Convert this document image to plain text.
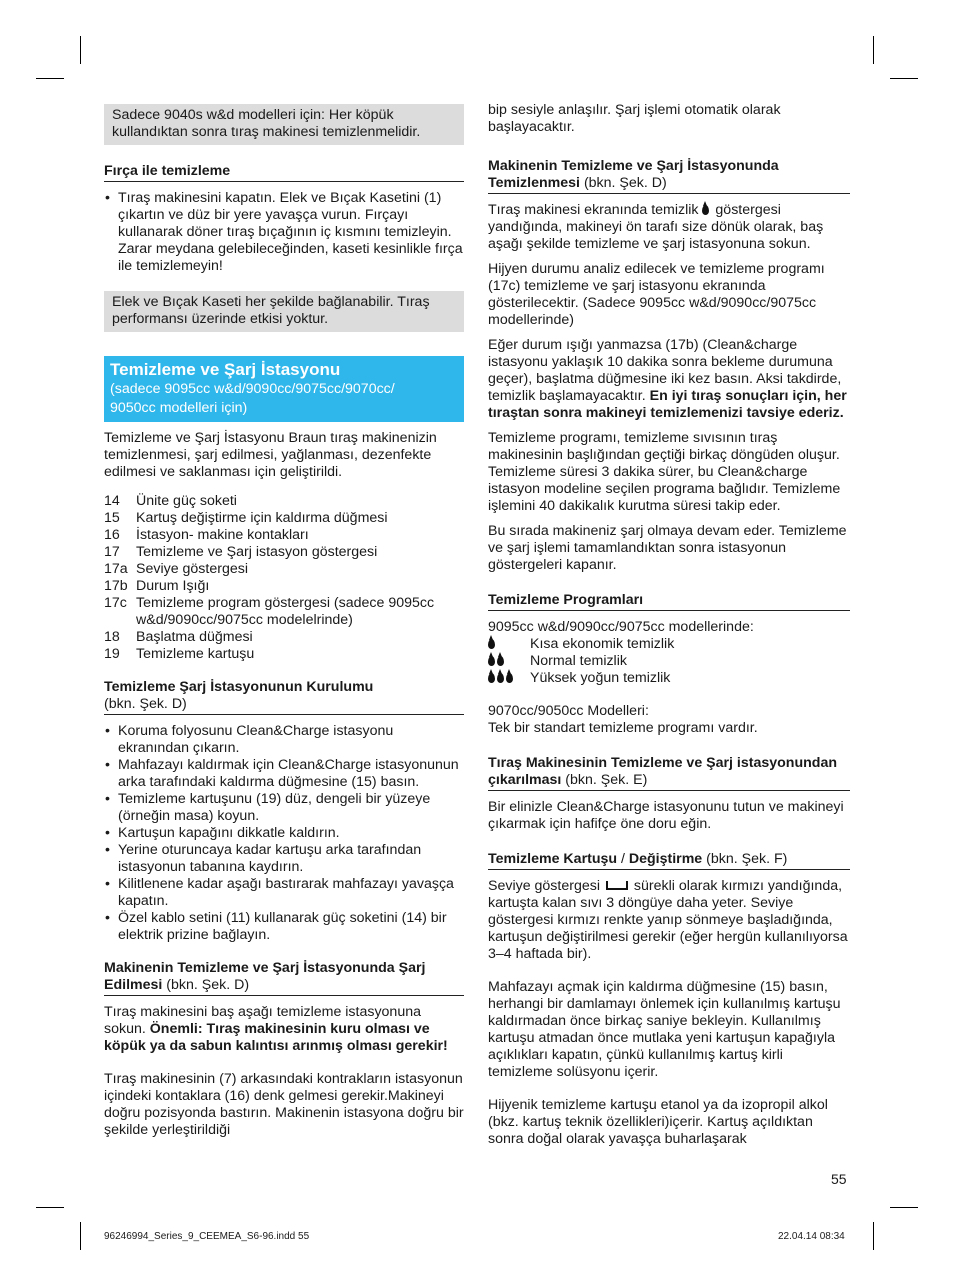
Sadece 9040s w&d modelleri için: Her köpük kullandıktan sonra tıraş makinesi temizlenmelidir.

Fırça ile temizleme
• Tıraş makinesini kapatın. Elek ve Bıçak Kasetini (1) çıkartın ve düz bir yere yavaşça vurun. Fırçayı kullanarak döner tıraş bıçağının iç kısmını temizleyin. Zarar meydana gelebileceğinden, kaseti kesinlikle fırça ile temizlemeyin!

Elek ve Bıçak Kaseti her şekilde bağlanabilir. Tıraş performansı üzerinde etkisi yoktur.

Temizleme ve Şarj İstasyonu
(sadece 9095cc w&d/9090cc/9075cc/9070cc/
9050cc modelleri için)

Temizleme ve Şarj İstasyonu Braun tıraş makinenizin temizlenmesi, şarj edilmesi, yağlanması, dezenfekte edilmesi ve saklanması için geliştirildi.

14	Ünite güç soketi
15	Kartuş değiştirme için kaldırma düğmesi
16	İstasyon- makine kontakları
17	Temizleme ve Şarj istasyon göstergesi
17a	Seviye göstergesi
17b	Durum Işığı
17c	Temizleme program göstergesi (sadece 9095cc w&d/9090cc/9075cc modelelrinde)
18	Başlatma düğmesi
19	Temizleme kartuşu
Temizleme Şarj İstasyonunun Kurulumu
(bkn. Şek. D)
• Koruma folyosunu Clean&Charge istasyonu ekranından çıkarın.
• Mahfazayı kaldırmak için Clean&Charge istasyonunun arka tarafındaki kaldırma düğmesine (15) basın.
• Temizleme kartuşunu (19) düz, dengeli bir yüzeye (örneğin masa) koyun.
• Kartuşun kapağını dikkatle kaldırın.
• Yerine oturuncaya kadar kartuşu arka tarafından istasyonun tabanına kaydırın.
• Kilitlenene kadar aşağı bastırarak mahfazayı yavaşça kapatın.
• Özel kablo setini (11) kullanarak güç soketini (14) bir elektrik prizine bağlayın.
Makinenin Temizleme ve Şarj İstasyonunda Şarj Edilmesi (bkn. Şek. D)

Tıraş makinesini baş aşağı temizleme istasyonuna sokun. Önemli: Tıraş makinesinin kuru olması ve köpük ya da sabun kalıntısı arınmış olması gerekir!

Tıraş makinesinin (7) arkasındaki kontrakların istasyonun içindeki kontaklara (16) denk gelmesi gerekir.Makineyi doğru pozisyonda bastırın. Makinenin istasyona doğru bir şekilde yerleştirildiği

bip sesiyle anlaşılır. Şarj işlemi otomatik olarak başlayacaktır.

Makinenin Temizleme ve Şarj İstasyonunda Temizlenmesi (bkn. Şek. D)

Tıraş makinesi ekranında temizlik  göstergesi yandığında, makineyi ön tarafı size dönük olarak, baş aşağı şekilde temizleme ve şarj istasyonuna sokun.

Hijyen durumu analiz edilecek ve temizleme programı (17c) temizleme ve şarj istasyonu ekranında gösterilecektir. (Sadece 9095cc w&d/9090cc/9075cc modellerinde)

Eğer durum ışığı yanmazsa (17b) (Clean&charge istasyonu yaklaşık 10 dakika sonra bekleme durumuna geçer), başlatma düğmesine iki kez basın. Aksi takdirde, temizlik başlamayacaktır. En iyi tıraş sonuçları için, her tıraştan sonra makineyi temizlemenizi tavsiye ederiz.

Temizleme programı, temizleme sıvısının tıraş makinesinin başlığından geçtiği birkaç döngüden oluşur. Temizleme süresi 3 dakika sürer, bu Clean&charge istasyon modeline seçilen programa bağlıdır. Temizleme işlemini 40 dakikalık kurutma süresi takip eder.

Bu sırada makineniz şarj olmaya devam eder. Temizleme ve şarj işlemi tamamlandıktan sonra istasyonun göstergeleri kapanır.

Temizleme Programları

9095cc w&d/9090cc/9075cc modellerinde:

Kısa ekonomik temizlik
Normal temizlik
Yüksek yoğun temizlik

9070cc/9050cc Modelleri:

Tek bir standart temizleme programı vardır.

Tıraş Makinesinin Temizleme ve Şarj istasyonundan çıkarılması (bkn. Şek. E)

Bir elinizle Clean&Charge istasyonunu tutun ve makineyi çıkarmak için hafifçe öne doru eğin.

Temizleme Kartuşu / Değiştirme (bkn. Şek. F)

Seviye göstergesi  sürekli olarak kırmızı yandığında, kartuşta kalan sıvı 3 döngüye daha yeter. Seviye göstergesi kırmızı renkte yanıp sönmeye başladığında, kartuşun değiştirilmesi gerekir (eğer hergün kullanılıyorsa 3–4 haftada bir).

Mahfazayı açmak için kaldırma düğmesine (15) basın, herhangi bir damlamayı önlemek için kullanılmış kartuşu kaldırmadan önce birkaç saniye bekleyin. Kullanılmış kartuşu atmadan önce mutlaka yeni kartuşun kapağıyla açıklıkları kapatın, çünkü kullanılmış kartuş kirli temizleme solüsyonu içerir.

Hijyenik temizleme kartuşu etanol ya da izopropil alkol (bkz. kartuş teknik özellikleri)içerir. Kartuş açıldıktan sonra doğal olarak yavaşça buharlaşarak

55
96246994_Series_9_CEEMEA_S6-96.indd 55	22.04.14 08:34
